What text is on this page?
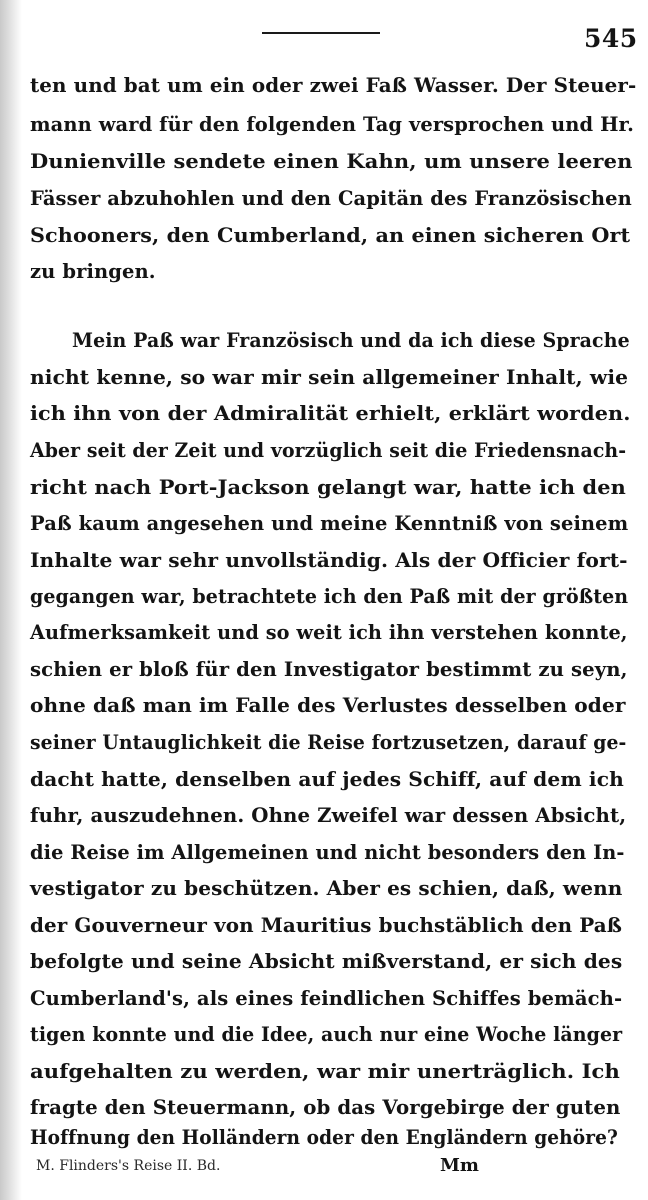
545
ten und bat um ein oder zwei Faß Wasser. Der Steuer-
mann ward für den folgenden Tag versprochen und Hr.
Dunienville sendete einen Kahn, um unsere leeren
Fässer abzuhohlen und den Capitän des Französischen
Schooners, den Cumberland, an einen sicheren Ort
zu bringen.
Mein Paß war Französisch und da ich diese Sprache
nicht kenne, so war mir sein allgemeiner Inhalt, wie
ich ihn von der Admiralität erhielt, erklärt worden.
Aber seit der Zeit und vorzüglich seit die Friedensnach-
richt nach Port-Jackson gelangt war, hatte ich den
Paß kaum angesehen und meine Kenntniß von seinem
Inhalte war sehr unvollständig. Als der Officier fort-
gegangen war, betrachtete ich den Paß mit der größten
Aufmerksamkeit und so weit ich ihn verstehen konnte,
schien er bloß für den Investigator bestimmt zu seyn,
ohne daß man im Falle des Verlustes desselben oder
seiner Untauglichkeit die Reise fortzusetzen, darauf ge-
dacht hatte, denselben auf jedes Schiff, auf dem ich
fuhr, auszudehnen. Ohne Zweifel war dessen Absicht,
die Reise im Allgemeinen und nicht besonders den In-
vestigator zu beschützen. Aber es schien, daß, wenn
der Gouverneur von Mauritius buchstäblich den Paß
befolgte und seine Absicht mißverstand, er sich des
Cumberland's, als eines feindlichen Schiffes bemäch-
tigen konnte und die Idee, auch nur eine Woche länger
aufgehalten zu werden, war mir unerträglich. Ich
fragte den Steuermann, ob das Vorgebirge der guten
Hoffnung den Holländern oder den Engländern gehöre?
M. Flinders's Reise II. Bd.	Mm
